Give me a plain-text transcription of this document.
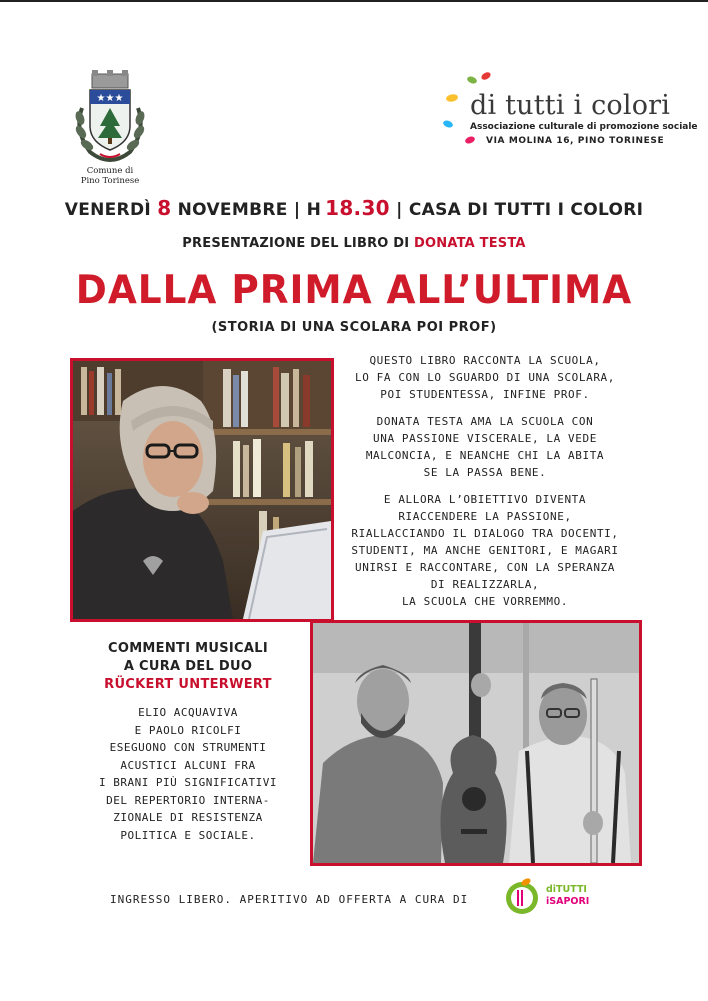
★★★
Comune di
Pino Torinese
di tutti i colori
Associazione culturale di promozione sociale
VIA MOLINA 16, PINO TORINESE
VENERDÌ 8 NOVEMBRE | H 18.30 | CASA DI TUTTI I COLORI
PRESENTAZIONE DEL LIBRO DI DONATA TESTA
DALLA PRIMA ALL’ULTIMA
(STORIA DI UNA SCOLARA POI PROF)

QUESTO LIBRO RACCONTA LA SCUOLA,
LO FA CON LO SGUARDO DI UNA SCOLARA,
POI STUDENTESSA, INFINE PROF.

DONATA TESTA AMA LA SCUOLA CON
UNA PASSIONE VISCERALE, LA VEDE
MALCONCIA, E NEANCHE CHI LA ABITA
SE LA PASSA BENE.

E ALLORA L’OBIETTIVO DIVENTA
RIACCENDERE LA PASSIONE,
RIALLACCIANDO IL DIALOGO TRA DOCENTI,
STUDENTI, MA ANCHE GENITORI, E MAGARI
UNIRSI E RACCONTARE, CON LA SPERANZA
DI REALIZZARLA,
LA SCUOLA CHE VORREMMO.

COMMENTI MUSICALI
A CURA DEL DUO
RÜCKERT UNTERWERT
ELIO ACQUAVIVA
E PAOLO RICOLFI
ESEGUONO CON STRUMENTI
ACUSTICI ALCUNI FRA
I BRANI PIÙ SIGNIFICATIVI
DEL REPERTORIO INTERNA-
ZIONALE DI RESISTENZA
POLITICA E SOCIALE.
INGRESSO LIBERO. APERITIVO AD OFFERTA A CURA DI
diTUTTI
iSAPORI
